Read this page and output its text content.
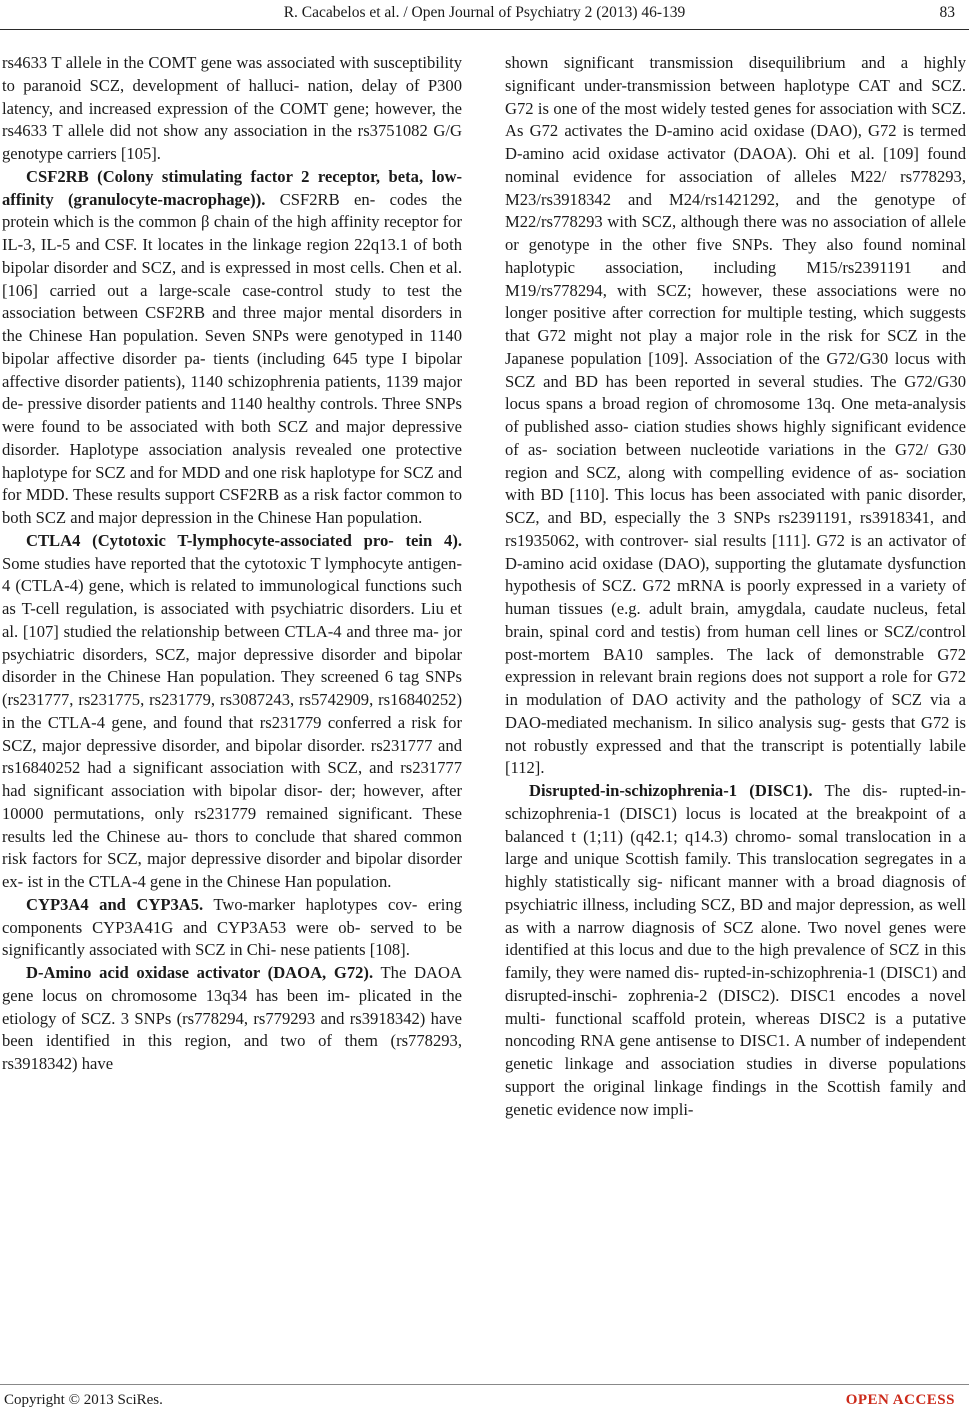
R. Cacabelos et al. / Open Journal of Psychiatry 2 (2013) 46-139	83

rs4633 T allele in the COMT gene was associated with susceptibility to paranoid SCZ, development of halluci- nation, delay of P300 latency, and increased expression of the COMT gene; however, the rs4633 T allele did not show any association in the rs3751082 G/G genotype carriers [105].

CSF2RB (Colony stimulating factor 2 receptor, beta, low-affinity (granulocyte-macrophage)). CSF2RB en- codes the protein which is the common β chain of the high affinity receptor for IL-3, IL-5 and CSF. It locates in the linkage region 22q13.1 of both bipolar disorder and SCZ, and is expressed in most cells. Chen et al. [106] carried out a large-scale case-control study to test the association between CSF2RB and three major mental disorders in the Chinese Han population. Seven SNPs were genotyped in 1140 bipolar affective disorder pa- tients (including 645 type I bipolar affective disorder patients), 1140 schizophrenia patients, 1139 major de- pressive disorder patients and 1140 healthy controls. Three SNPs were found to be associated with both SCZ and major depressive disorder. Haplotype association analysis revealed one protective haplotype for SCZ and for MDD and one risk haplotype for SCZ and for MDD. These results support CSF2RB as a risk factor common to both SCZ and major depression in the Chinese Han population.

CTLA4 (Cytotoxic T-lymphocyte-associated pro- tein 4). Some studies have reported that the cytotoxic T lymphocyte antigen-4 (CTLA-4) gene, which is related to immunological functions such as T-cell regulation, is associated with psychiatric disorders. Liu et al. [107] studied the relationship between CTLA-4 and three ma- jor psychiatric disorders, SCZ, major depressive disorder and bipolar disorder in the Chinese Han population. They screened 6 tag SNPs (rs231777, rs231775, rs231779, rs3087243, rs5742909, rs16840252) in the CTLA-4 gene, and found that rs231779 conferred a risk for SCZ, major depressive disorder, and bipolar disorder. rs231777 and rs16840252 had a significant association with SCZ, and rs231777 had significant association with bipolar disor- der; however, after 10000 permutations, only rs231779 remained significant. These results led the Chinese au- thors to conclude that shared common risk factors for SCZ, major depressive disorder and bipolar disorder ex- ist in the CTLA-4 gene in the Chinese Han population.

CYP3A4 and CYP3A5. Two-marker haplotypes cov- ering components CYP3A41G and CYP3A53 were ob- served to be significantly associated with SCZ in Chi- nese patients [108].

D-Amino acid oxidase activator (DAOA, G72). The DAOA gene locus on chromosome 13q34 has been im- plicated in the etiology of SCZ. 3 SNPs (rs778294, rs779293 and rs3918342) have been identified in this region, and two of them (rs778293, rs3918342) have

shown significant transmission disequilibrium and a highly significant under-transmission between haplotype CAT and SCZ. G72 is one of the most widely tested genes for association with SCZ. As G72 activates the D-amino acid oxidase (DAO), G72 is termed D-amino acid oxidase activator (DAOA). Ohi et al. [109] found nominal evidence for association of alleles M22/ rs778293, M23/rs3918342 and M24/rs1421292, and the genotype of M22/rs778293 with SCZ, although there was no association of allele or genotype in the other five SNPs. They also found nominal haplotypic association, including M15/rs2391191 and M19/rs778294, with SCZ; however, these associations were no longer positive after correction for multiple testing, which suggests that G72 might not play a major role in the risk for SCZ in the Japanese population [109]. Association of the G72/G30 locus with SCZ and BD has been reported in several studies. The G72/G30 locus spans a broad region of chromosome 13q. One meta-analysis of published asso- ciation studies shows highly significant evidence of as- sociation between nucleotide variations in the G72/ G30 region and SCZ, along with compelling evidence of as- sociation with BD [110]. This locus has been associated with panic disorder, SCZ, and BD, especially the 3 SNPs rs2391191, rs3918341, and rs1935062, with controver- sial results [111]. G72 is an activator of D-amino acid oxidase (DAO), supporting the glutamate dysfunction hypothesis of SCZ. G72 mRNA is poorly expressed in a variety of human tissues (e.g. adult brain, amygdala, caudate nucleus, fetal brain, spinal cord and testis) from human cell lines or SCZ/control post-mortem BA10 samples. The lack of demonstrable G72 expression in relevant brain regions does not support a role for G72 in modulation of DAO activity and the pathology of SCZ via a DAO-mediated mechanism. In silico analysis sug- gests that G72 is not robustly expressed and that the transcript is potentially labile [112].

Disrupted-in-schizophrenia-1 (DISC1). The dis- rupted-in-schizophrenia-1 (DISC1) locus is located at the breakpoint of a balanced t (1;11) (q42.1; q14.3) chromo- somal translocation in a large and unique Scottish family. This translocation segregates in a highly statistically sig- nificant manner with a broad diagnosis of psychiatric illness, including SCZ, BD and major depression, as well as with a narrow diagnosis of SCZ alone. Two novel genes were identified at this locus and due to the high prevalence of SCZ in this family, they were named dis- rupted-in-schizophrenia-1 (DISC1) and disrupted-inschi- zophrenia-2 (DISC2). DISC1 encodes a novel multi- functional scaffold protein, whereas DISC2 is a putative noncoding RNA gene antisense to DISC1. A number of independent genetic linkage and association studies in diverse populations support the original linkage findings in the Scottish family and genetic evidence now impli-

Copyright © 2013 SciRes.	OPEN ACCESS
